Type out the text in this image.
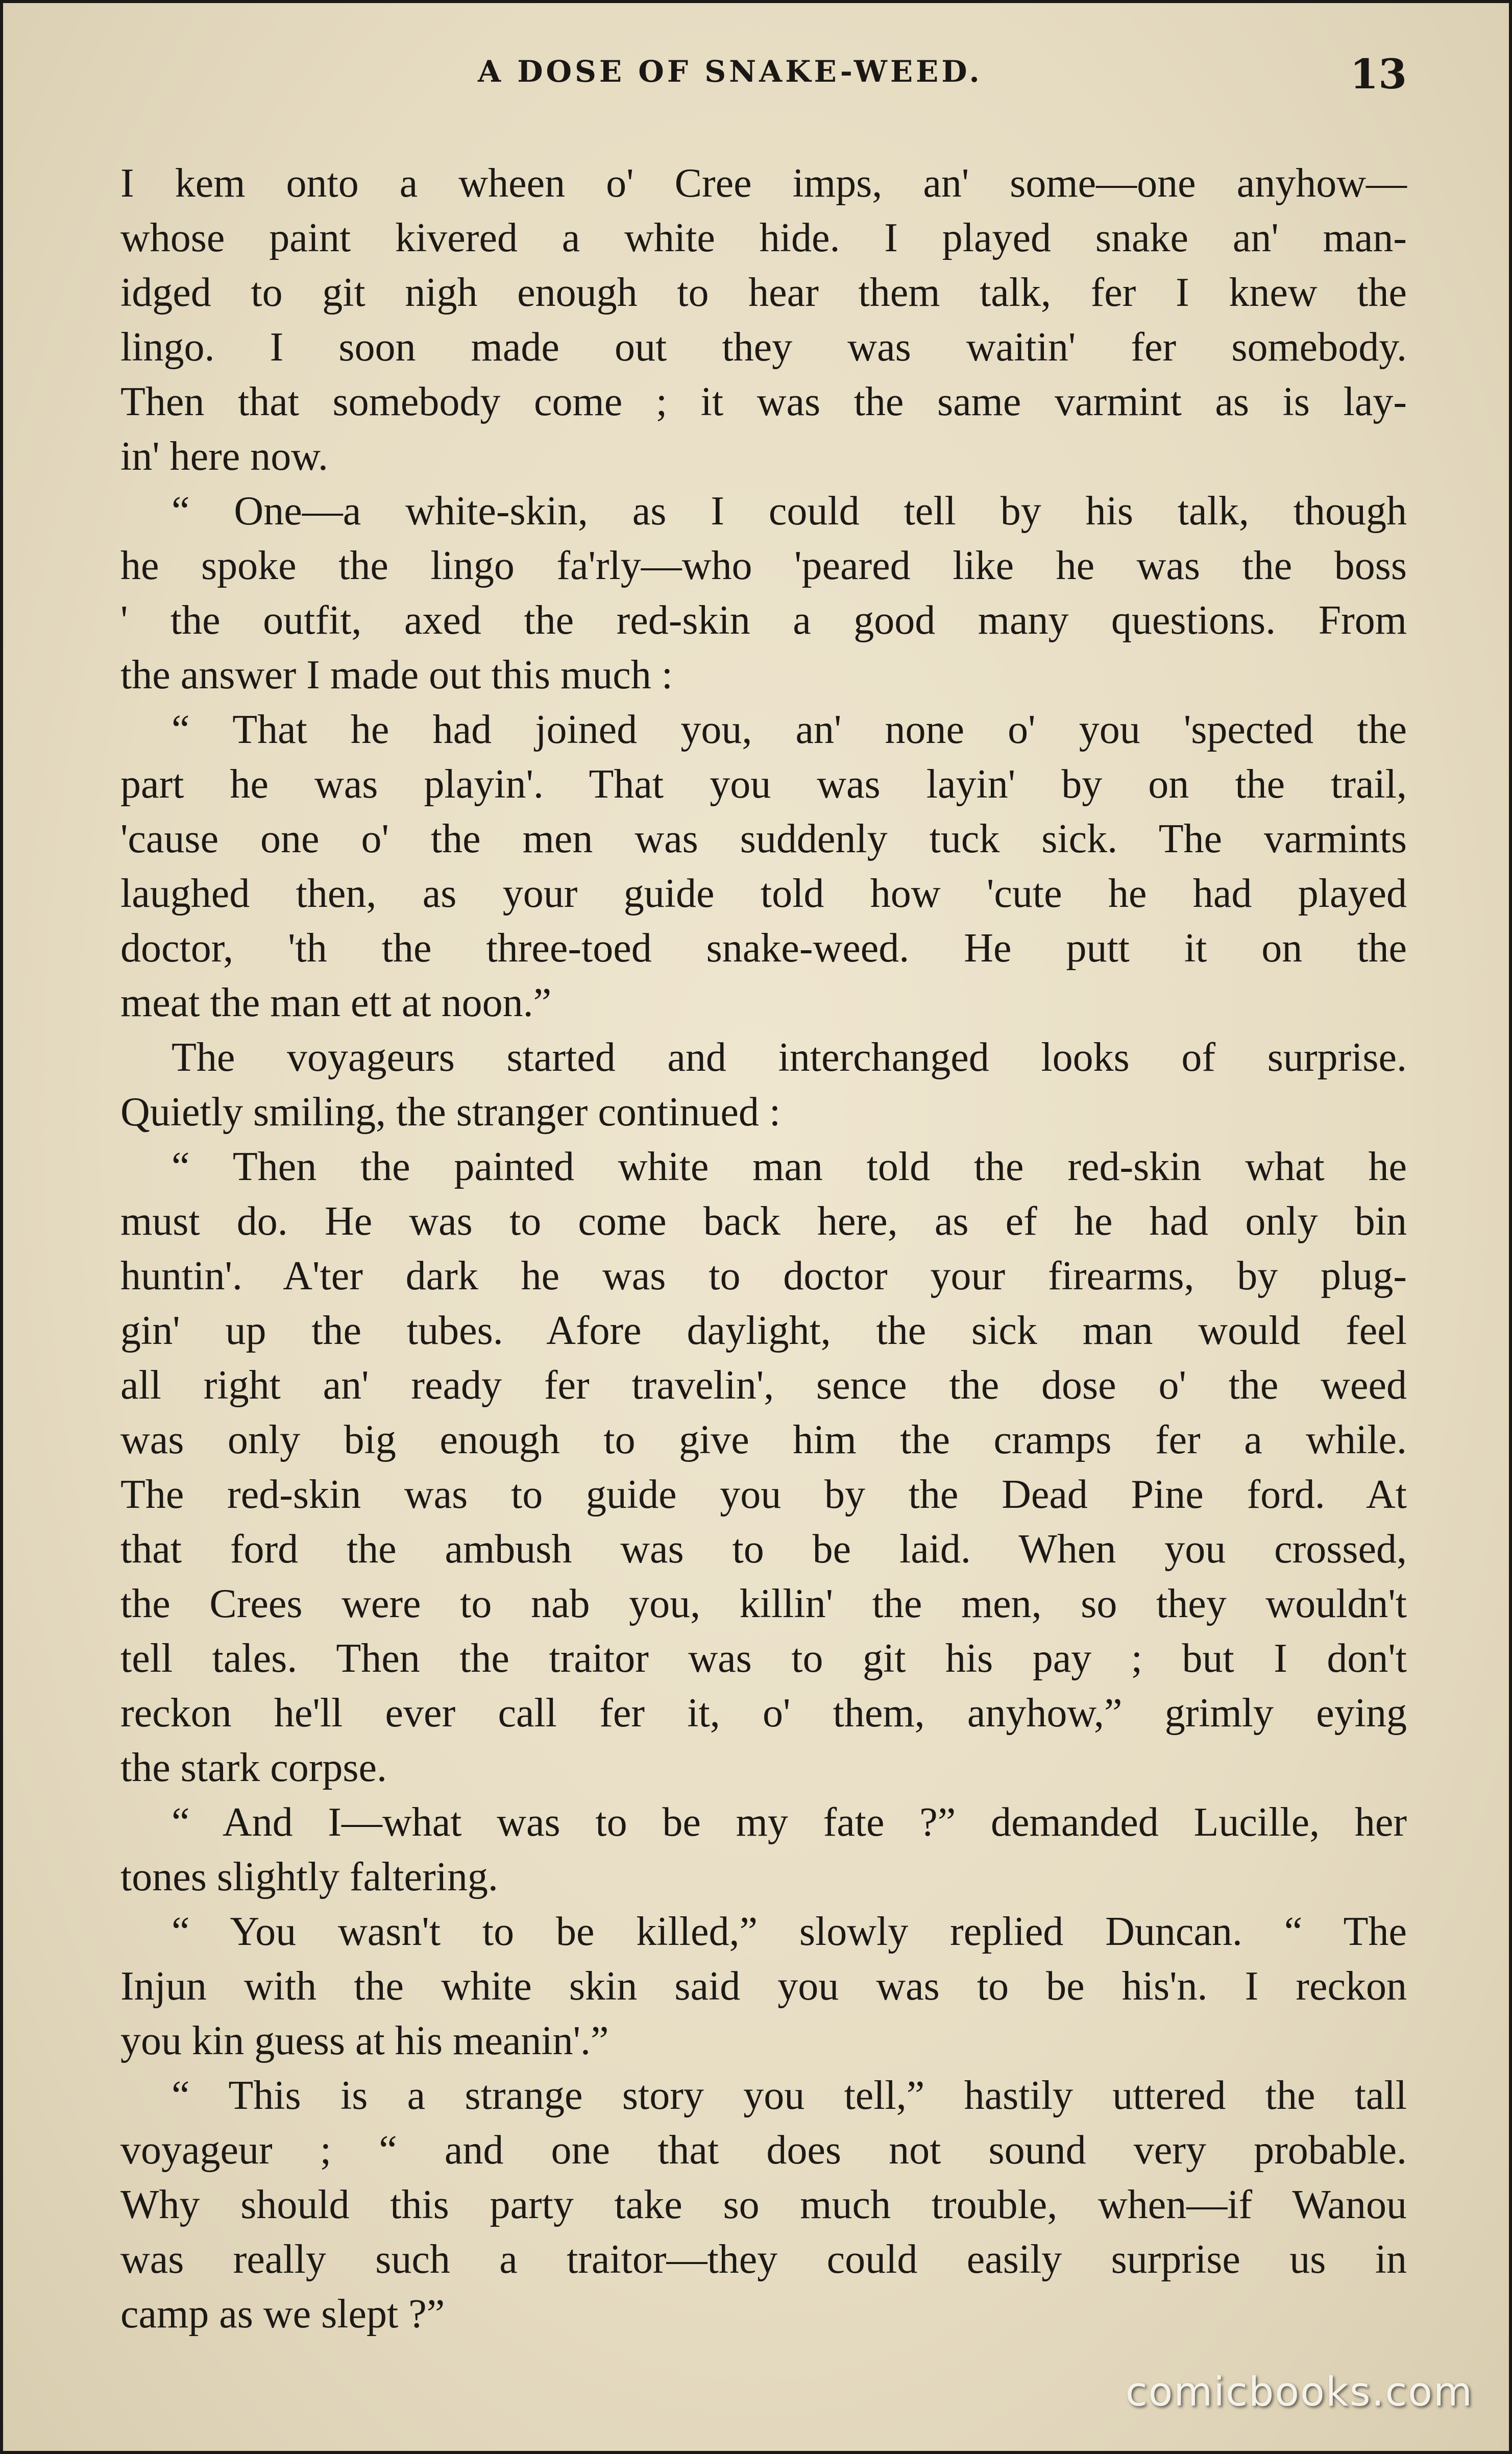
A DOSE OF SNAKE-WEED.	13
I kem onto a wheen o' Cree imps, an' some—one anyhow—
whose paint kivered a white hide. I played snake an' man-
idged to git nigh enough to hear them talk, fer I knew the
lingo. I soon made out they was waitin' fer somebody.
Then that somebody come ; it was the same varmint as is lay-
in' here now.
“ One—a white-skin, as I could tell by his talk, though
he spoke the lingo fa'rly—who 'peared like he was the boss
' the outfit, axed the red-skin a good many questions. From
the answer I made out this much :
“ That he had joined you, an' none o' you 'spected the
part he was playin'. That you was layin' by on the trail,
'cause one o' the men was suddenly tuck sick. The varmints
laughed then, as your guide told how 'cute he had played
doctor, 'th the three-toed snake-weed. He putt it on the
meat the man ett at noon.”
The voyageurs started and interchanged looks of surprise.
Quietly smiling, the stranger continued :
“ Then the painted white man told the red-skin what he
must do. He was to come back here, as ef he had only bin
huntin'. A'ter dark he was to doctor your firearms, by plug-
gin' up the tubes. Afore daylight, the sick man would feel
all right an' ready fer travelin', sence the dose o' the weed
was only big enough to give him the cramps fer a while.
The red-skin was to guide you by the Dead Pine ford. At
that ford the ambush was to be laid. When you crossed,
the Crees were to nab you, killin' the men, so they wouldn't
tell tales. Then the traitor was to git his pay ; but I don't
reckon he'll ever call fer it, o' them, anyhow,” grimly eying
the stark corpse.
“ And I—what was to be my fate ?” demanded Lucille, her
tones slightly faltering.
“ You wasn't to be killed,” slowly replied Duncan. “ The
Injun with the white skin said you was to be his'n. I reckon
you kin guess at his meanin'.”
“ This is a strange story you tell,” hastily uttered the tall
voyageur ; “ and one that does not sound very probable.
Why should this party take so much trouble, when—if Wanou
was really such a traitor—they could easily surprise us in
camp as we slept ?”
comicbooks.com
